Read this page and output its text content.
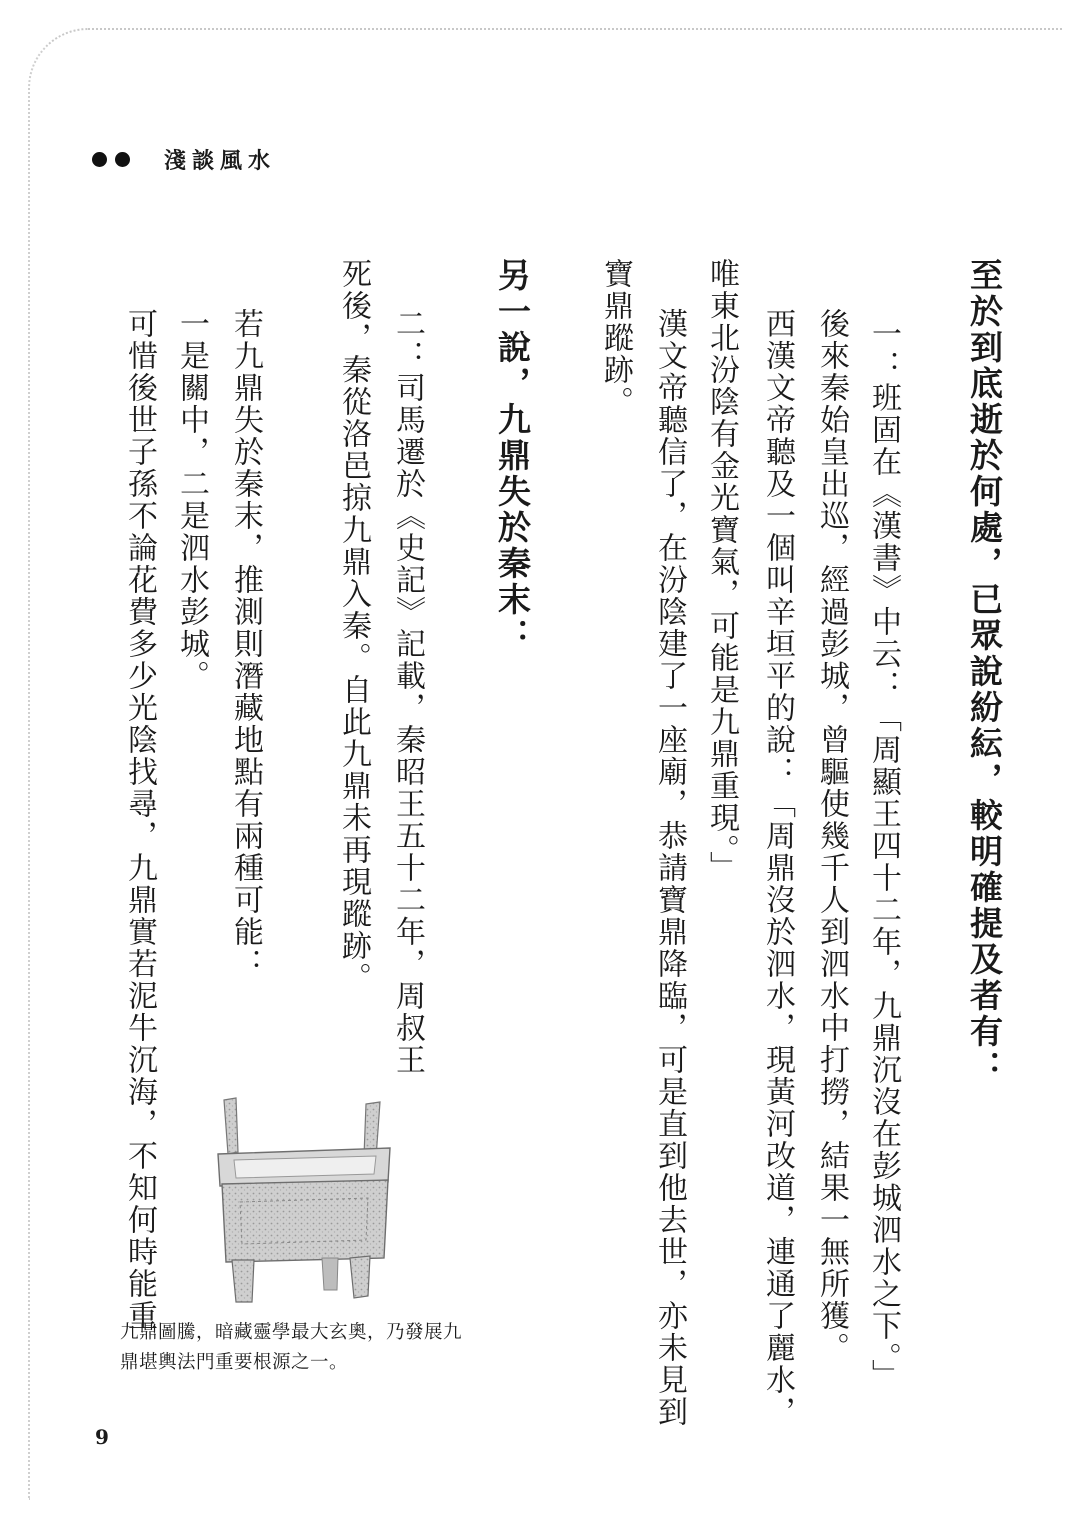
淺談風水
至於到底逝於何處，已眾說紛紜，較明確提及者有：
一：班固在《漢書》中云：「周顯王四十二年，九鼎沉沒在彭城泗水之下。」
後來秦始皇出巡，經過彭城，曾驅使幾千人到泗水中打撈，結果一無所獲。
西漢文帝聽及一個叫辛垣平的說：「周鼎沒於泗水，現黃河改道，連通了麗水，
唯東北汾陰有金光寶氣，可能是九鼎重現。」
漢文帝聽信了，在汾陰建了一座廟，恭請寶鼎降臨，可是直到他去世，亦未見到
寶鼎蹤跡。
另一說，九鼎失於秦末：
二：司馬遷於《史記》記載，秦昭王五十二年，周叔王
死後，秦從洛邑掠九鼎入秦。自此九鼎未再現蹤跡。
若九鼎失於秦末，推測則潛藏地點有兩種可能：
一是關中，二是泗水彭城。
可惜後世子孫不論花費多少光陰找尋，九鼎實若泥牛沉海，不知何時能重
九鼎圖騰，暗藏靈學最大玄奧，乃發展九
鼎堪輿法門重要根源之一。
9
